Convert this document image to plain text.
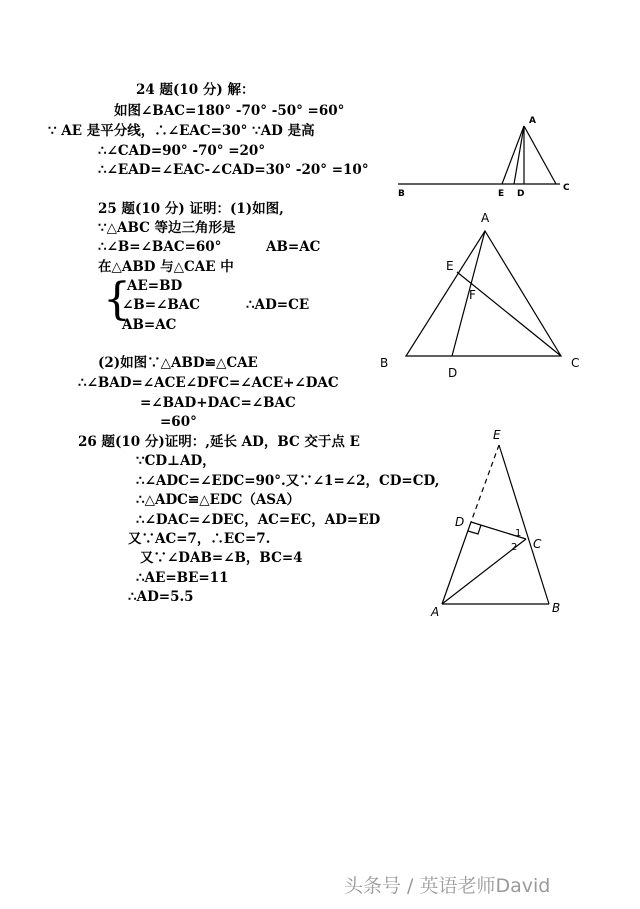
24 题(10 分) 解：
如图∠BAC=180° -70° -50° =60°
∵ AE 是平分线，∴∠EAC=30° ∵AD 是高
∴∠CAD=90° -70° =20°
∴∠EAD=∠EAC-∠CAD=30° -20° =10°
25 题(10 分) 证明：(1)如图,
∵△ABC 等边三角形是
∴∠B=∠BAC=60°	AB=AC
在△ABD 与△CAE 中
{
AE=BD
∠B=∠BAC	∴AD=CE
AB=AC
(2)如图∵△ABD≌△CAE
∴∠BAD=∠ACE∠DFC=∠ACE+∠DAC
=∠BAD+DAC=∠BAC
=60°
26 题(10 分)证明：,延长 AD，BC 交于点 E
∵CD⊥AD，
∴∠ADC=∠EDC=90°.又∵∠1=∠2，CD=CD,
∴△ADC≌△EDC（ASA）
∴∠DAC=∠DEC，AC=EC，AD=ED
又∵AC=7，∴EC=7.
又∵∠DAB=∠B，BC=4
∴AE=BE=11
∴AD=5.5
A
B	E D
C
A
E
F
B
D
C
E
D
C
A	B
1
2
头条号 / 英语老师David
